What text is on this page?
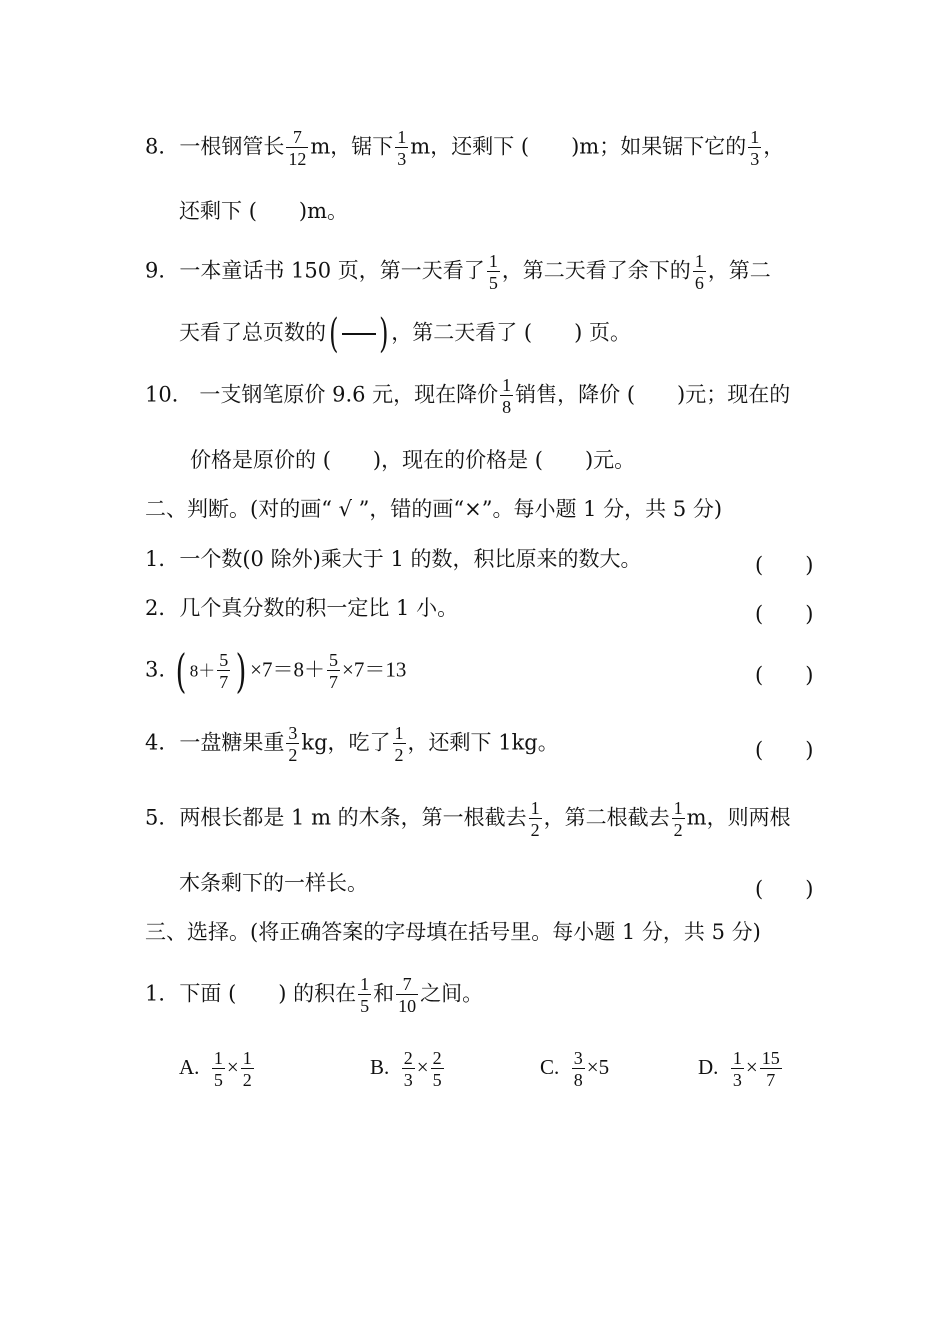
8．一根钢管长 $\frac{7}{12}$ m，锯下 $\frac{1}{3}$ m，还剩下 (　　)m；如果锯下它的 $\frac{1}{3}$ ，
还剩下 (　　)m。
9．一本童话书 150 页，第一天看了 $\frac{1}{5}$ ，第二天看了余下的 $\frac{1}{6}$ ，第二
天看了总页数的( ) ，第二天看了 (　　) 页。
10． 一支钢笔原价 9.6 元，现在降价 $\frac{1}{8}$ 销售，降价 (　　)元；现在的
价格是原价的 (　　)，现在的价格是 (　　)元。
二、判断。(对的画“ √ ”，错的画“×”。每小题 1 分，共 5 分)
1．一个数(0 除外)乘大于 1 的数，积比原来的数大。	(　　)
2．几个真分数的积一定比 1 小。	(　　)
3. ( $8+ \frac{5}{7}$ ) $\times 7=8+ \frac{5}{7} \times 7=13$	(　　)
4．一盘糖果重 $\frac{3}{2}$ kg，吃了 $\frac{1}{2}$ ，还剩下 1kg。	(　　)
5．两根长都是 1 m 的木条，第一根截去 $\frac{1}{2}$ ，第二根截去 $\frac{1}{2}$ m，则两根
木条剩下的一样长。	(　　)
三、选择。(将正确答案的字母填在括号里。每小题 1 分，共 5 分)
1．下面 (　　) 的积在 $\frac{1}{5}$ 和 $\frac{7}{10}$ 之间。
A. $\frac{1}{5} \times \frac{1}{2}$	B. $\frac{2}{3} \times \frac{2}{5}$	C. $\frac{3}{8} \times 5$	D. $\frac{1}{3} \times \frac{15}{7}$
